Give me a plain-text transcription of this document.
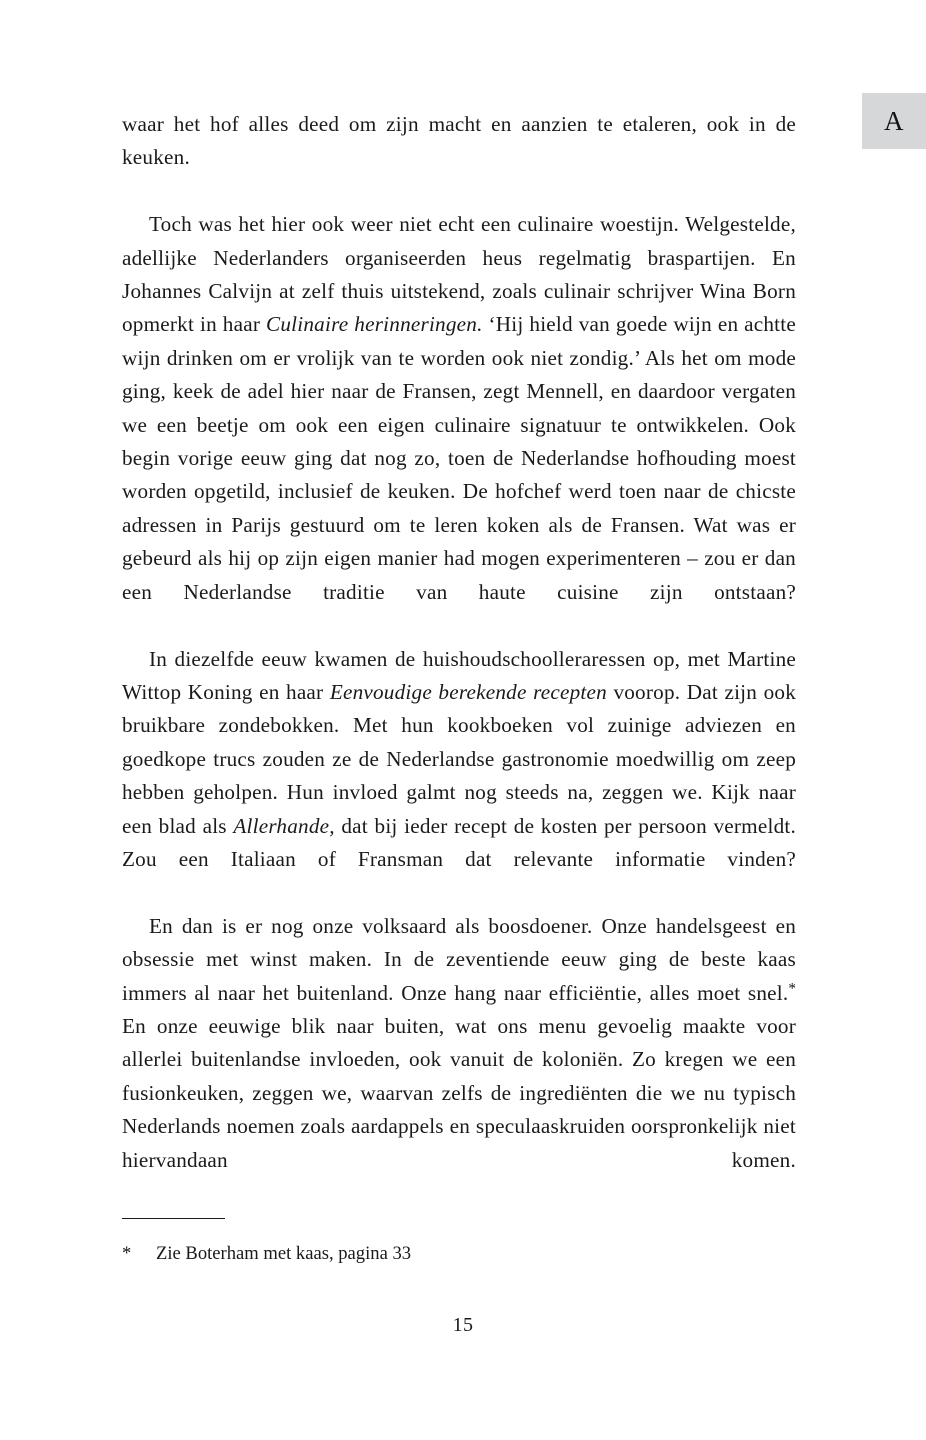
A

waar het hof alles deed om zijn macht en aanzien te etaleren, ook in de keuken.

Toch was het hier ook weer niet echt een culinaire woestijn. Welgestelde, adellijke Nederlanders organiseerden heus regelmatig braspartijen. En Johannes Calvijn at zelf thuis uitstekend, zoals culinair schrijver Wina Born opmerkt in haar Culinaire herinneringen. ‘Hij hield van goede wijn en achtte wijn drinken om er vrolijk van te worden ook niet zondig.’ Als het om mode ging, keek de adel hier naar de Fransen, zegt Mennell, en daardoor vergaten we een beetje om ook een eigen culinaire signatuur te ontwikkelen. Ook begin vorige eeuw ging dat nog zo, toen de Nederlandse hofhouding moest worden opgetild, inclusief de keuken. De hofchef werd toen naar de chicste adressen in Parijs gestuurd om te leren koken als de Fransen. Wat was er gebeurd als hij op zijn eigen manier had mogen experimenteren – zou er dan een Nederlandse traditie van haute cuisine zijn ontstaan?

In diezelfde eeuw kwamen de huishoudschoolleraressen op, met Martine Wittop Koning en haar Eenvoudige berekende recepten voorop. Dat zijn ook bruikbare zondebokken. Met hun kookboeken vol zuinige adviezen en goedkope trucs zouden ze de Nederlandse gastronomie moedwillig om zeep hebben geholpen. Hun invloed galmt nog steeds na, zeggen we. Kijk naar een blad als Allerhande, dat bij ieder recept de kosten per persoon vermeldt. Zou een Italiaan of Fransman dat relevante informatie vinden?

En dan is er nog onze volksaard als boosdoener. Onze handelsgeest en obsessie met winst maken. In de zeventiende eeuw ging de beste kaas immers al naar het buitenland. Onze hang naar efficiëntie, alles moet snel.* En onze eeuwige blik naar buiten, wat ons menu gevoelig maakte voor allerlei buitenlandse invloeden, ook vanuit de koloniën. Zo kregen we een fusionkeuken, zeggen we, waarvan zelfs de ingrediënten die we nu typisch Nederlands noemen zoals aardappels en speculaaskruiden oorspronkelijk niet hiervandaan komen.

* Zie Boterham met kaas, pagina 33
15
